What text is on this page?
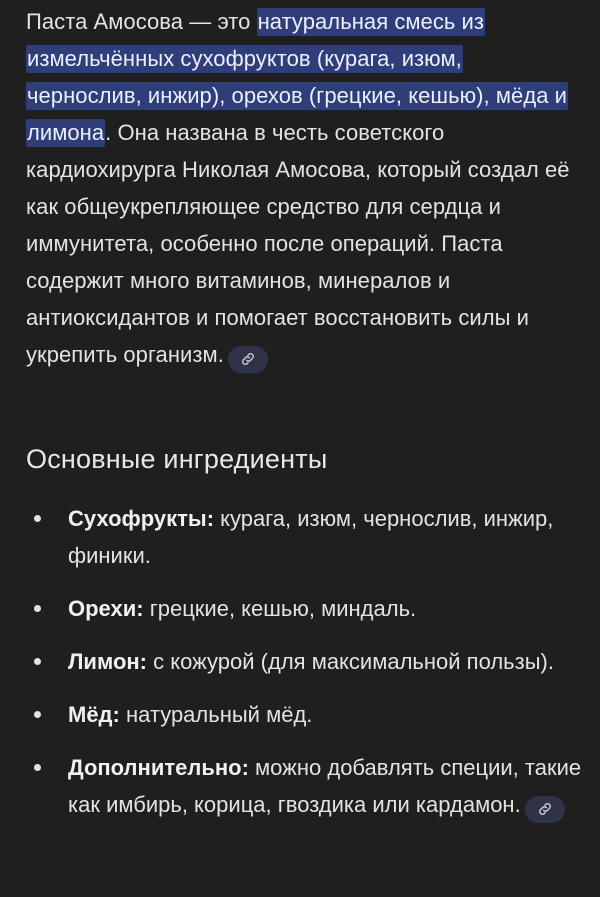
Паста Амосова — это натуральная смесь из измельчённых сухофруктов (курага, изюм, чернослив, инжир), орехов (грецкие, кешью), мёда и лимона. Она названа в честь советского кардиохирурга Николая Амосова, который создал её как общеукрепляющее средство для сердца и иммунитета, особенно после операций. Паста содержит много витаминов, минералов и антиоксидантов и помогает восстановить силы и укрепить организм.

Основные ингредиенты
Сухофрукты: курага, изюм, чернослив, инжир, финики.
Орехи: грецкие, кешью, миндаль.
Лимон: с кожурой (для максимальной пользы).
Мёд: натуральный мёд.
Дополнительно: можно добавлять специи, такие как имбирь, корица, гвоздика или кардамон.
